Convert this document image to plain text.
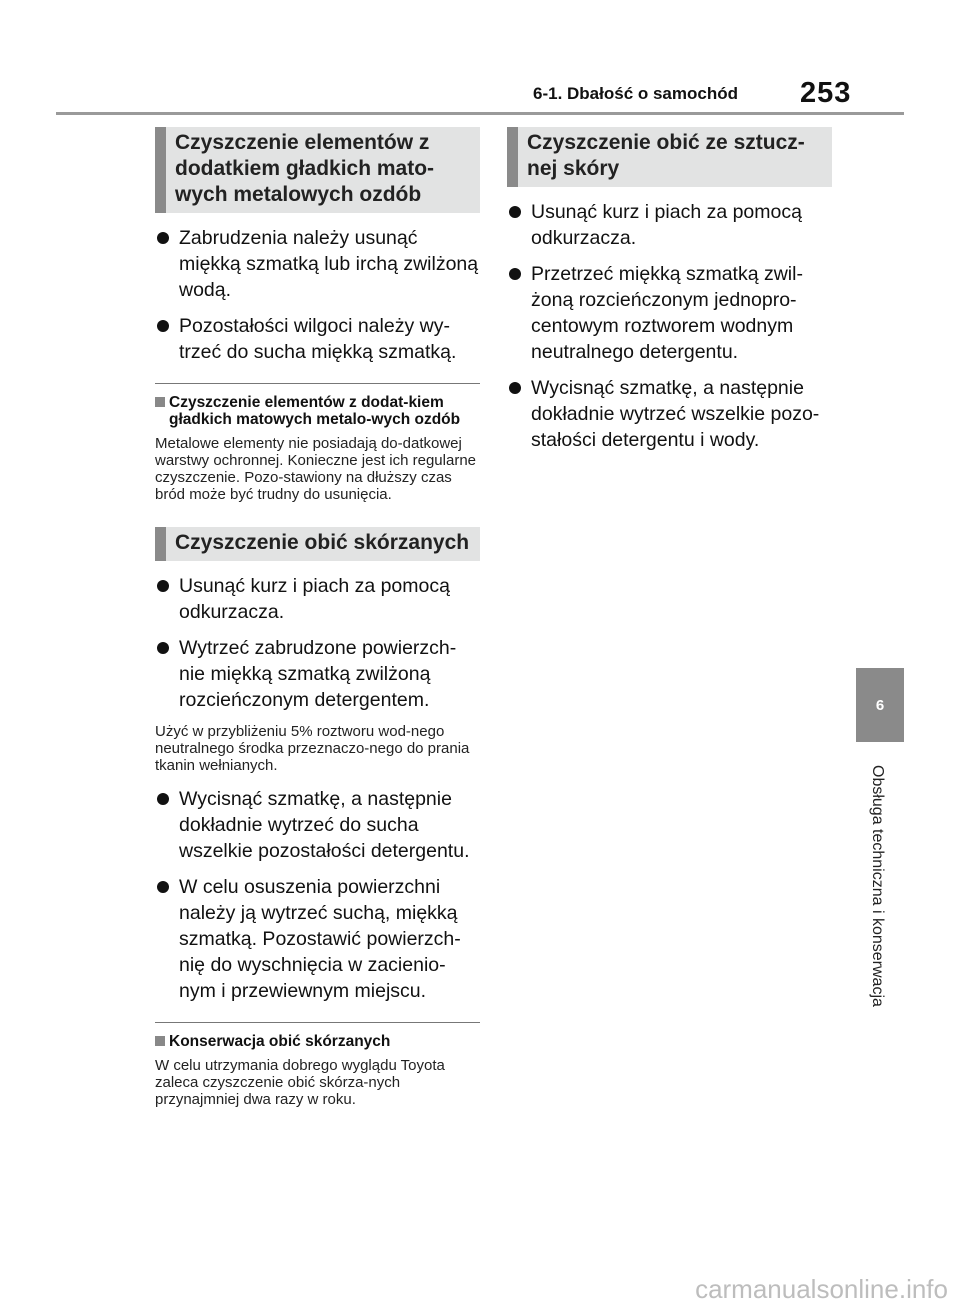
6-1. Dbałość o samochód 253
Czyszczenie elementów z dodatkiem gładkich mato-wych metalowych ozdób
Zabrudzenia należy usunąć miękką szmatką lub irchą zwilżoną wodą.
Pozostałości wilgoci należy wy-trzeć do sucha miękką szmatką.
Czyszczenie elementów z dodat-kiem gładkich matowych metalo-wych ozdób
Metalowe elementy nie posiadają do-datkowej warstwy ochronnej. Konieczne jest ich regularne czyszczenie. Pozo-stawiony na dłuższy czas bród może być trudny do usunięcia.
Czyszczenie obić skórzanych
Usunąć kurz i piach za pomocą odkurzacza.
Wytrzeć zabrudzone powierzch-nie miękką szmatką zwilżoną rozcieńczonym detergentem.
Użyć w przybliżeniu 5% roztworu wod-nego neutralnego środka przeznaczo-nego do prania tkanin wełnianych.
Wycisnąć szmatkę, a następnie dokładnie wytrzeć do sucha wszelkie pozostałości detergentu.
W celu osuszenia powierzchni należy ją wytrzeć suchą, miękką szmatką. Pozostawić powierzch-nię do wyschnięcia w zacienio-nym i przewiewnym miejscu.
Konserwacja obić skórzanych
W celu utrzymania dobrego wyglądu Toyota zaleca czyszczenie obić skórza-nych przynajmniej dwa razy w roku.
Czyszczenie obić ze sztucz-nej skóry
Usunąć kurz i piach za pomocą odkurzacza.
Przetrzeć miękką szmatką zwil-żoną rozcieńczonym jednopro-centowym roztworem wodnym neutralnego detergentu.
Wycisnąć szmatkę, a następnie dokładnie wytrzeć wszelkie pozo-stałości detergentu i wody.
6
Obsługa techniczna i konserwacja
carmanualsonline.info
